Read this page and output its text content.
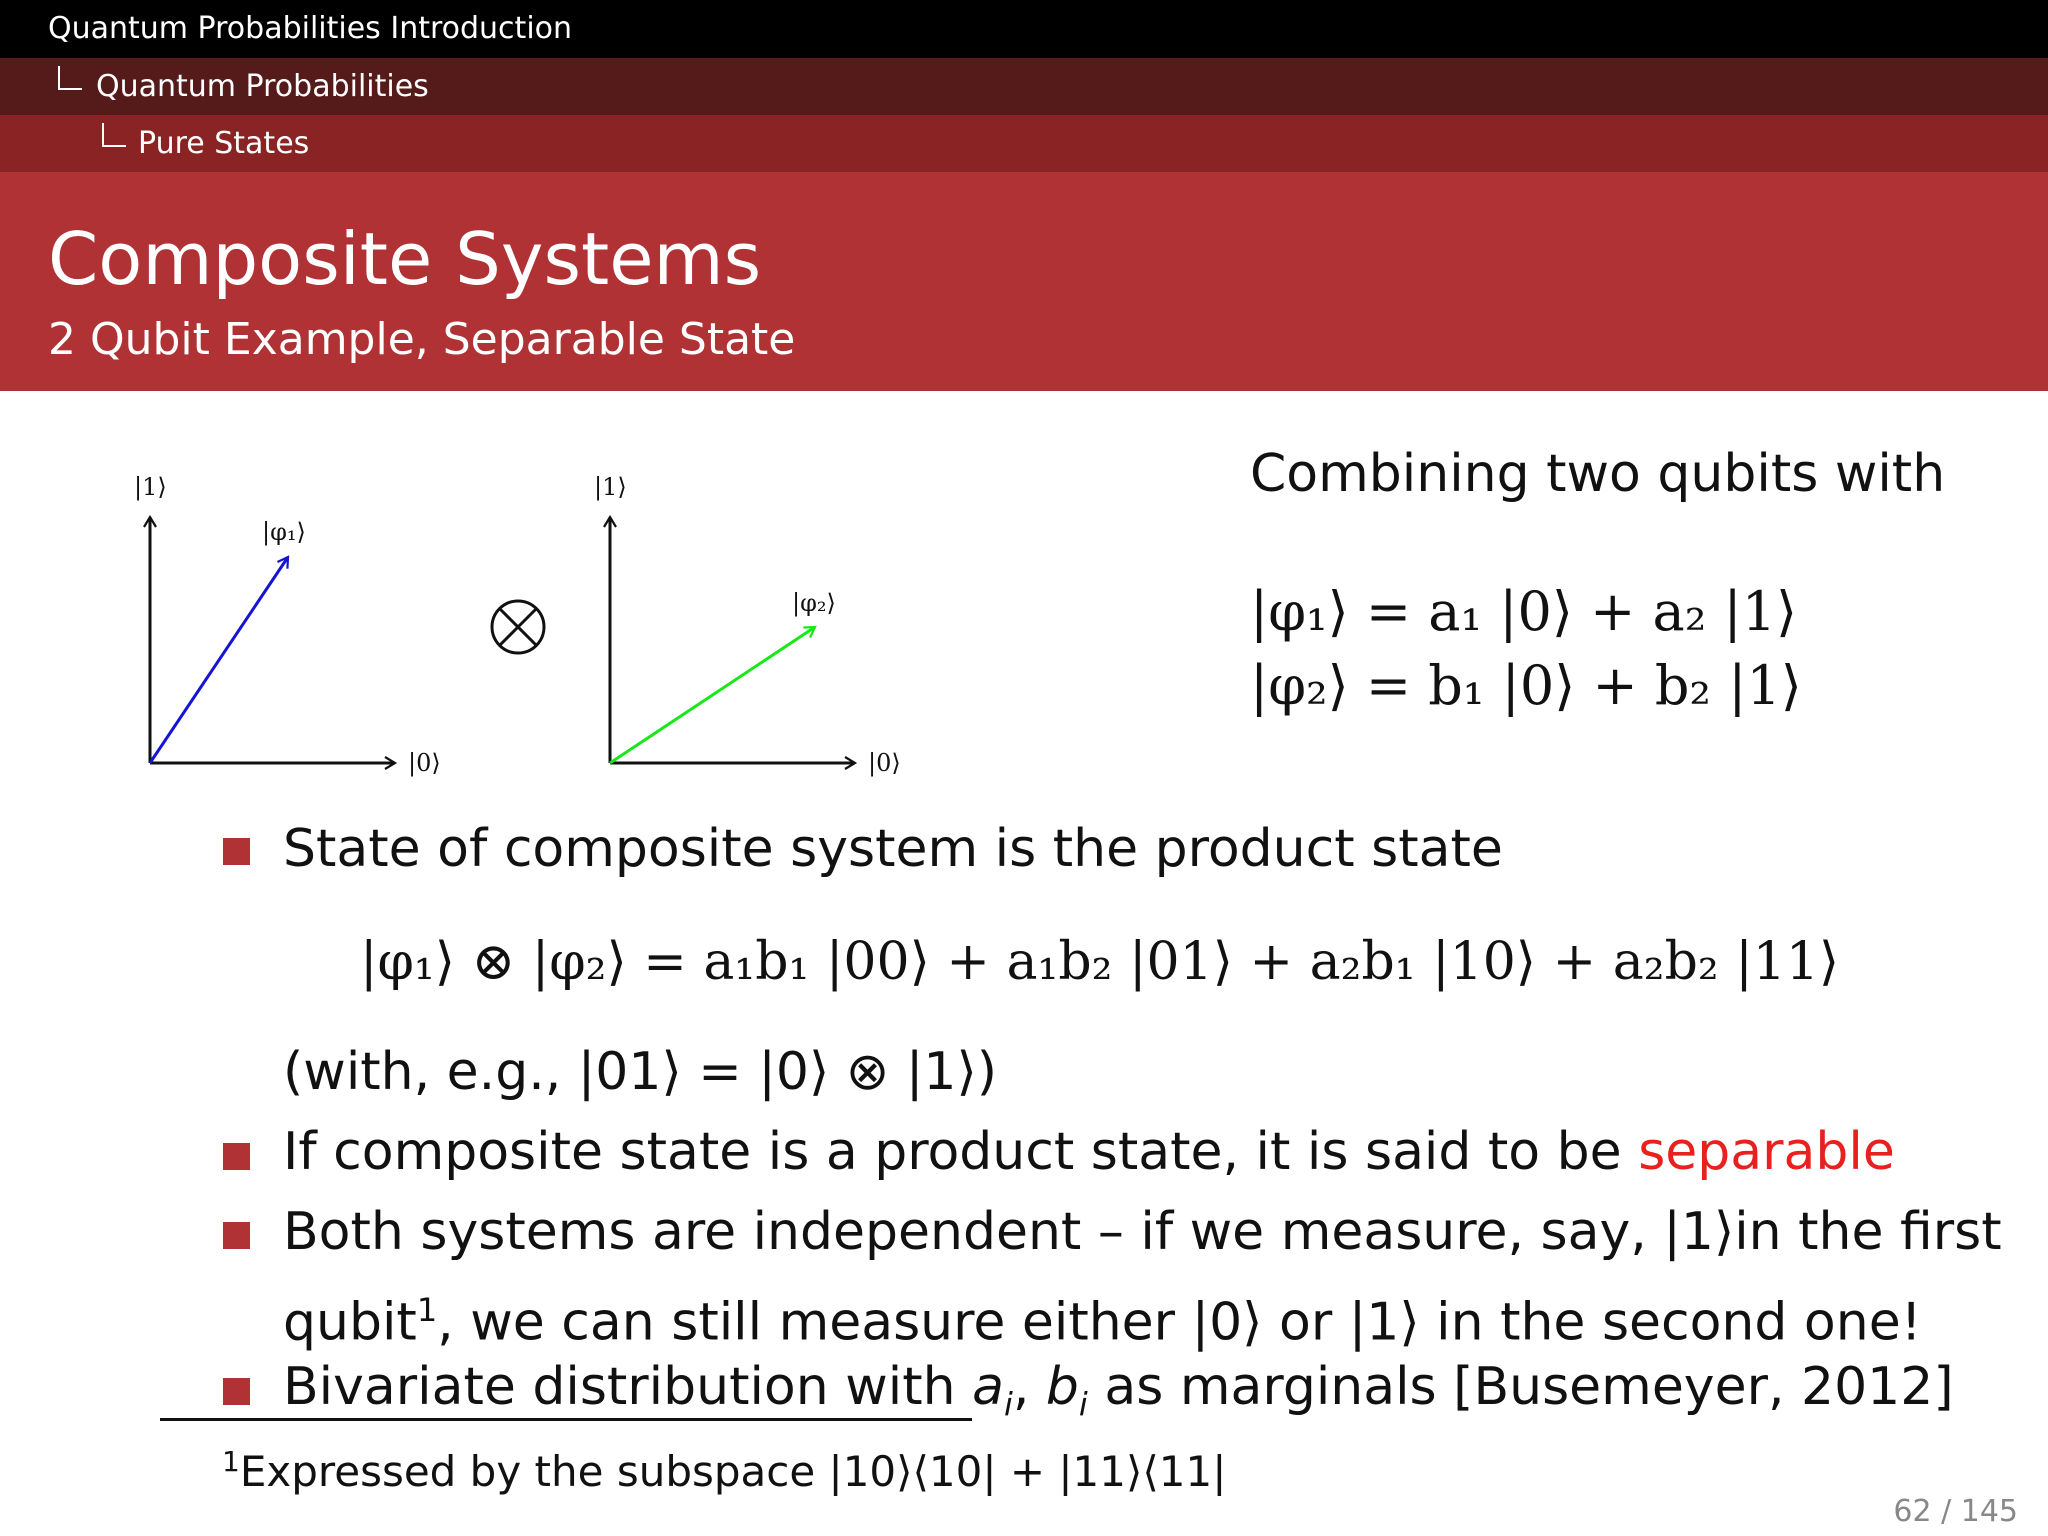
Quantum Probabilities Introduction
Quantum Probabilities
Pure States
Composite Systems
2 Qubit Example, Separable State
|1⟩
|0⟩
|φ₁⟩
|1⟩
|0⟩
|φ₂⟩
Combining two qubits with
|φ₁⟩ = a₁ |0⟩ + a₂ |1⟩
|φ₂⟩ = b₁ |0⟩ + b₂ |1⟩
State of composite system is the product state
|φ₁⟩ ⊗ |φ₂⟩ = a₁b₁ |00⟩ + a₁b₂ |01⟩ + a₂b₁ |10⟩ + a₂b₂ |11⟩
(with, e.g., |01⟩ = |0⟩ ⊗ |1⟩)
If composite state is a product state, it is said to be separable
Both systems are independent – if we measure, say, |1⟩in the first
qubit$^1$, we can still measure either |0⟩ or |1⟩ in the second one!
Bivariate distribution with $a_i$, $b_i$ as marginals [Busemeyer, 2012]
$^1$Expressed by the subspace |10⟩⟨10| + |11⟩⟨11|
62 / 145
